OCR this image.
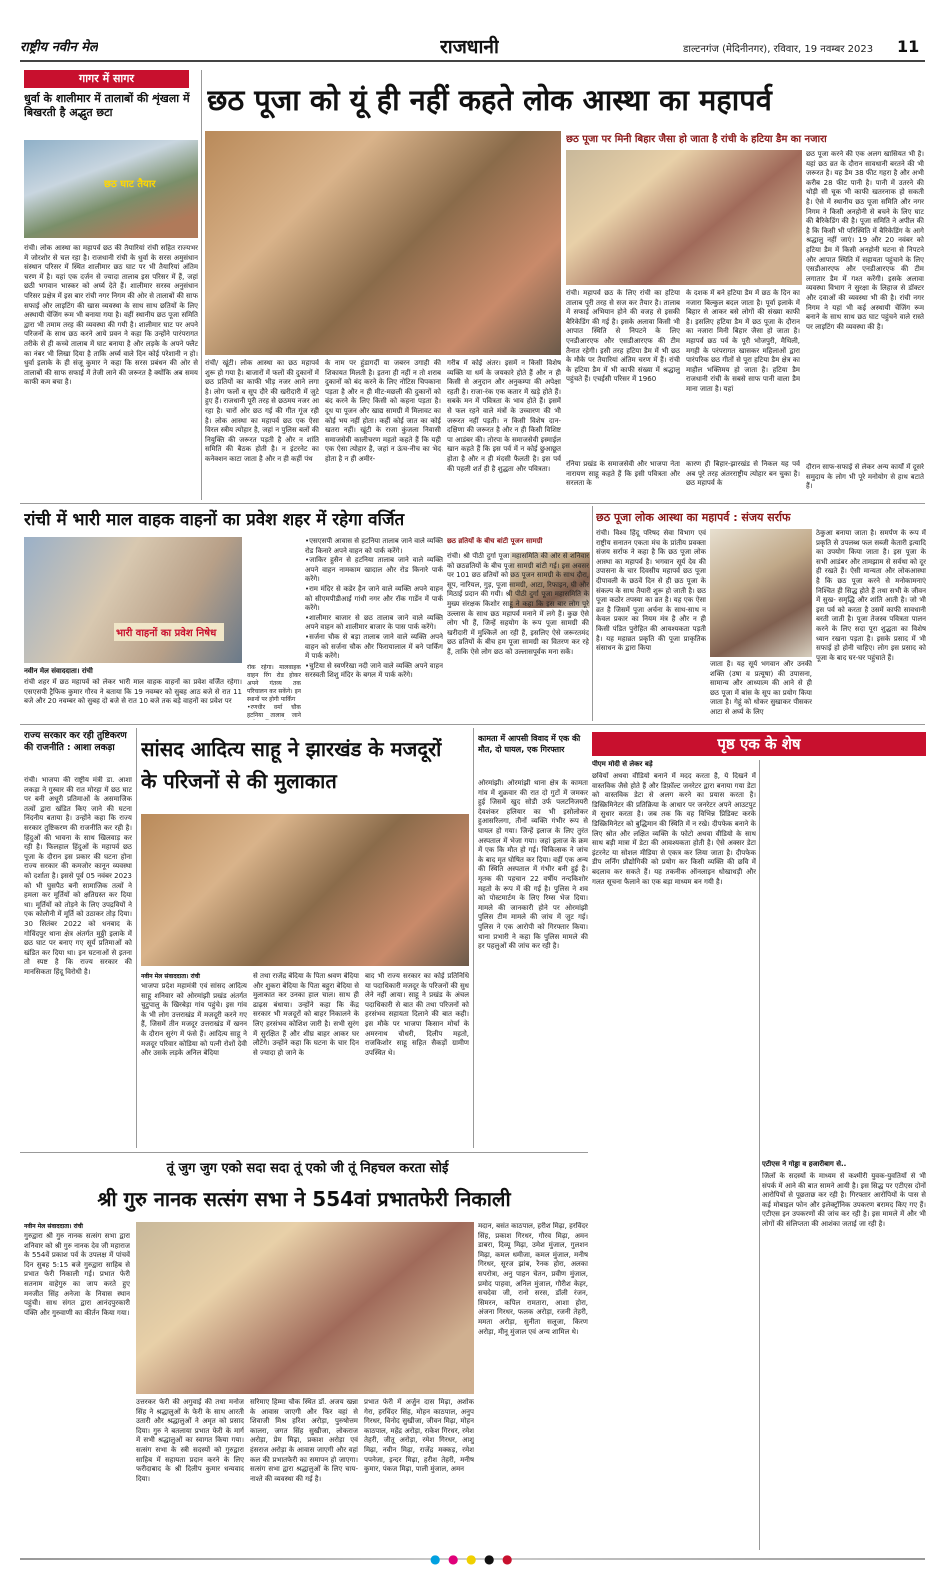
राष्ट्रीय नवीन मेल	राजधानी	डाल्टनगंज (मेदिनीनगर), रविवार, 19 नवम्बर 2023 11
गागर में सागर
धुर्वा के शालीमार में तालाबों की शृंखला में बिखरती है अद्भुत छटा
छठ घाट तैयार
रांची। लोक आस्था का महापर्व छठ की तैयारियां रांची सहित राज्यभर में जोरशोर से चल रहा है। राजधानी रांची के धुर्वा के सरस अमुसंधान संस्थान परिसर में स्थित शालीमार छठ घाट पर भी तैयारियां अंतिम चरण में है। यहां एक दर्जन से ज्यादा तालाब इस परिसर में हैं, जहां छठी भगवान भास्कर को अर्घ्य देते हैं। शालीमार सरस्व अनुसंधान परिसर प्रक्षेत्र में इस बार रांची नगर निगम की ओर से तालाबों की साफ सफाई और लाइटिंग की खास व्यवस्था के साथ साथ छतियों के लिए अस्थायी चेंजिंग रूम भी बनाया गया है। वहीं स्थानीय छठ पूजा समिति द्वारा भी तमाम तरह की व्यवस्था की गयी है। शालीमार घाट पर अपने परिजनों के साथ छठ करने आये प्रवन ने कहा कि उन्होंने पारंपरागत तरीके से ही कच्चे तालाब में घाट बनाया है और लड़के के अपने फ्लैट का नंबर भी लिखा दिया है ताकि अर्घ्य वाले दिन कोई परेशानी न हो। धुर्वा इलाके के ही संजू कुमार ने कहा कि सरस प्रबंधन की ओर से तालाबों की साफ सफाई में तेजी लाने की जरूरत है क्योंकि अब समय काफी कम बचा है।
छठ पूजा को यूं ही नहीं कहते लोक आस्था का महापर्व
रांची/ खूंटी। लोक आस्था का छठ महापर्व शुरू हो गया है। बाजारों में फलों की दुकानों में छठ प्रतियों का काफी भीड़ नजर आने लगा है। लोग फलों व सूप दौरे की खरीदारी में जुटे हुए हैं। राजधानी पूरी तरह से छठमय नजर आ रहा है। चारों ओर छठ गई की गीत गूंज रही है। लोक आस्था का महापर्व छठ एक ऐसा विरल स्त्रीय त्योहार है, जहां न पुलिस बलों की नियुक्ति की जरूरत पड़ती है और न शांति समिति की बैठक होती है। न इंटरनेट का कनेक्शन काटा जाता है और न ही कहीं पंथ
के नाम पर हुंडागर्दी या जबरन उगाही की शिकायत मिलती है। इतना ही नहीं न तो शराब दुकानों को बंद करने के लिए नोटिस चिपकाना पड़ता है और न ही मीट-मछली की दुकानों को बंद करने के लिए किसी को कहना पड़ता है। दूध या पूजन और खाद्य सामग्री में मिलावट का कोई भय नहीं होता। कहीं कोई जात का कोई खतरा नहीं। खूंटी के राजा कुंजला निवासी समाजसेवी कालीचरण महतो कहते हैं कि यही एक ऐसा त्योहार है, जहां न ऊंच-नीच का भेद होता है न ही अमीर-
गरीब में कोई अंतर। इसमें न किसी विशेष व्यक्ति या धर्म के जयकारे होते हैं और न ही किसी से अनुदान और अनुकम्पा की अपेक्षा रहती है। राजा-रंक एक कतार में खड़े होते हैं। सबके मन में पवित्रता के भाव होते हैं। इसमें से फल रहने वाले मंत्रों के उच्चारण की भी जरूरत नहीं पड़ती। न किसी विशेष दान-दक्षिणा की जरूरत है और न ही किसी विशिष्ट पा आडंबर की। तोरपा के समाजसेवी इस्माईल खान कहते हैं कि इस पर्व में न कोई छुआछूत होता है और न ही मंदसी फैलती है। इस पर्व की पहली शर्त ही है शुद्धता और पवित्रता।
छठ पूजा पर मिनी बिहार जैसा हो जाता है रांची के हटिया डैम का नजारा
रांची। महापर्व छठ के लिए रांची का हटिया तालाब पूरी तरह से सज कर तैयार है। तालाब में सफाई अभियान होने की वजह से इसकी बैरिकेडिंग की गई है। इसके अलावा किसी भी आपात स्थिति से निपटने के लिए एनडीआरएफ और एसडीआरएफ की टीम तैनात रहेगी। इसी तरह हटिया डैम में भी छठ के मौके पर तैयारियां अंतिम चरण में हैं। रांची के हटिया डैम में भी काफी संख्या में श्रद्धालु पहुंचते हैं। एचईसी परिसर में 1960
के दशक में बने हटिया डैम में छठ के दिन का नजारा बिल्कुल बदल जाता है। पूर्वा इलाके में बिहार से आकर बसे लोगों की संख्या काफी है। इसलिए हटिया डैम में छठ पूजा के दौरान का नजारा मिनी बिहार जैसा हो जाता है। महापर्व छठ पर्व के पूरी भोजपुरी, मैथिली, मगही के परंपरागत खासकर महिलाओं द्वारा पारंपरिक छठ गीतों से पूरा हटिया डैम क्षेत्र का माहौल भक्तिमय हो जाता है। हटिया डैम राजधानी रांची के सबसे साफ पानी वाला डैम माना जाता है। यहां
छठ पूजा करने की एक अलग खासियत भी है। यहां छठ व्रत के दौरान सावधानी बरतने की भी जरूरत है। यह डैम 38 फीट गहरा है और अभी करीब 28 फीट पानी है। पानी में उतरने की थोड़ी सी चूक भी काफी खतरनाक हो सकती है। ऐसे में स्थानीय छठ पूजा समिति और नगर निगम ने किसी अनहोनी से बचने के लिए घाट की बैरिकेडिंग की है। पूजा समिति ने अपील की है कि किसी भी परिस्थिति में बैरिकेडिंग के आगे श्रद्धालु नहीं जाएं। 19 और 20 नवंबर को हटिया डैम में किसी अनहोनी घटना से निपटने और आपात स्थिति में सहायता पहुंचाने के लिए एसडीआरएफ और एनडीआरएफ की टीम लगातार डैम में गश्त करेंगी। इसके अलावा व्यवस्था विभाग ने सुरक्षा के लिहाज से डॉक्टर और दवाओं की व्यवस्था भी की है। रांची नगर निगम ने यहां भी कई अस्थायी चेंजिंग रूम बनाने के साथ साथ छठ घाट पहुंचने वाले रास्ते पर लाइटिंग की व्यवस्था की है।
रनिया प्रखंड के समाजसेवी और भाजपा नेता नारायण साहू कहते हैं कि इसी पवित्रता और सरलता के
कारण ही बिहार-झारखंड से निकल यह पर्व अब पूरे तरह अंतरराष्ट्रीय त्योहार बन चुका है। छठ महापर्व के
दौरान साफ-सफाई से लेकर अन्य कार्यों में दूसरे समुदाय के लोग भी पूरे मनोयोग से हाथ बटाते हैं।
रांची में भारी माल वाहक वाहनों का प्रवेश शहर में रहेगा वर्जित
भारी वाहनों का प्रवेश निषेध
नवीन मेल संवाददाता। रांची
रांची शहर में छठ महापर्व को लेकर भारी माल वाहक वाहनों का प्रवेश वर्जित रहेगा। एसएसपी ट्रैफिक कुमार गौरव ने बताया कि 19 नवम्बर को सुबह आठ बजे से रात 11 बजे और 20 नवम्बर को सुबह दो बजे से रात 10 बजे तक बड़े वाहनों का प्रवेश पर
रोक रहेगा। मालवाहक वाहन रिंग रोड होकर अपने गंतव्य तक परिचालन कर सकेंगे। इन स्थानों पर होगी पार्किंग
•रणधीर वर्मा चौक हटनिया तालाब जाने
•एसएसपी आवास से हटनिया तालाब जाने वाले व्यक्ति रोड किनारे अपने वाहन को पार्क करेंगे।
•जाकिर हुसैन से हटनिया तालाब जाने वाले व्यक्ति अपने वाहन नामकाम खादाल और रोड किनारे पार्क करेंगे।
•राम मंदिर से कडेर हैन जाने वाले व्यक्ति अपने वाहन को सीएमपीडीआई गांधी नगर और रॉक गार्डेन में पार्क करेंगे।
•शालीमार बाजार से छठ तालाब जाने वाले व्यक्ति अपने वाहन को शालीमार बाजार के पास पार्क करेंगे।
•सर्जना चौक से बड़ा तालाब जाने वाले व्यक्ति अपने वाहन को सर्जना चौक और फिरायालाल में बने पार्किंग में पार्क करेंगे।
•चुटिया से स्वर्णरेखा नदी जाने वाले व्यक्ति अपने वाहन सरस्वती शिशु मंदिर के बगल में पार्क करेंगे।
छठ व्रतियों के बीच बांटी पूजन सामग्री
रांची। श्री पीठी दुर्गा पूजा महासमिति की ओर से शनिवार को छठव्रतियों के बीच पूजा सामग्री बांटी गई। इस अवसर पर 101 छठ व्रतियों को छठ पूजन सामग्री के साथ दौरा, सूप, नारियल, गुड़, पूजा सामग्री, आटा, रिफाइन, घी और मिठाई प्रदान की गयी। श्री पीठी दुर्गा पूजा महासमिति के मुख्य संरक्षक किशोर साहू ने कहा कि इस बार लोग पूरे उल्लास के साथ छठ महापर्व मनाने में लगे हैं। कुछ ऐसे लोग भी हैं, जिन्हें सहयोग के रूप पूजा सामग्री की खरीदारी में मुश्किलें आ रही हैं, इसलिए ऐसे जरूरतमंद छठ व्रतियों के बीच हम पूजा सामग्री का वितरण कर रहे हैं, ताकि ऐसे लोग छठ को उल्लासपूर्वक मना सकें।
छठ पूजा लोक आस्था का महापर्व : संजय सर्राफ
रांची। विश्व हिंदू परिषद सेवा विभाग एवं राष्ट्रीय सनातन एकता मंच के प्रांतीय प्रवक्ता संजय सर्राफ ने कहा है कि छठ पूजा लोक आस्था का महापर्व है। भगवान सूर्य देव की उपासना के चार दिवसीय महापर्व छठ पूजा दीपावली के छठवें दिन से ही छठ पूजा के संकल्प के साथ तैयारी शुरू हो जाती है। छठ पूजा कठोर तपस्या का व्रत है। यह एक ऐसा व्रत है जिसमें पूजा अर्चना के साथ-साथ न केवल प्रकार का नियम मंत्र है और न ही किसी पंडित पुरोहित की आवश्यकता पड़ती है। यह महाव्रत प्रकृति की पूजा प्राकृतिक संसाधन के द्वारा किया
जाता है। यह सूर्य भगवान और उनकी शक्ति (उषा व प्रत्यूषा) की उपासना, सामान्य और आध्यात्म की आने से ही छठ पूजा में बांस के सूप का प्रयोग किया जाता है। गेहूं को धोकर सुखाकर पीसकर आटा से अर्घ्य के लिए
ठेकुआ बनाया जाता है। समर्पण के रूप में प्रकृति से उपलब्ध फल सब्जी केतारी इत्यादि का उपयोग किया जाता है। इस पूजा के सभी आडंबर और तामझाम से सर्वथा को दूर ही रखते हैं। ऐसी मान्यता और लोकआस्था है कि छठ पूजा करने से मनोकामनाएं निश्चित ही सिद्ध होते हैं तथा सभी के जीवन में सुख- समृद्धि और शांति आती है। जो भी इस पर्व को करता है उसमें काफी सावधानी बरती जाती है। पूजा तेजस्व पवित्रता पालन करने के लिए सदा पूरा शुद्धता का विशेष ध्यान रखना पड़ता है। इसके प्रसाद में भी सफाई हो होनी चाहिए। लोग इस प्रसाद को पूजा के बाद घर-घर पहुंचाते हैं।
राज्य सरकार कर रही तुष्टिकरण की राजनीति : आशा लकड़ा
रांची। भाजपा की राष्ट्रीय मंत्री डा. आशा लकड़ा ने गुस्वार की रात मोरहा में छठ घाट पर बनी अधूरी प्रतिमाओं के असमाजिक तत्वों द्वारा खंडित किए जाने की घटना निंदनीय बताया है। उन्होंने कहा कि राज्य सरकार तुष्टिकरण की राजनीति कर रही है। हिंदुओं की भावना के साथ खिलवाड़ कर रही है। फिलहाल हिंदुओं के महापर्व छठ पूजा के दौरान इस प्रकार की घटना होना राज्य सरकार की कमजोर कानून व्यवस्था को दर्शाता है। इससे पूर्व 05 नवंबर 2023 को भी घुसपैठ बनी सामाजिक तत्वों ने हमला कर मूर्तियों को क्षतिग्रस्त कर दिया था। मूर्तियों को तोड़ने के लिए उपद्रवियों ने एक कोलौनी में मूर्ति को उठाकर तोड़ दिया। 30 सितंबर 2022 को धनबाद के गोविंदपुर थाना क्षेत्र अंतर्गत मुठ्ठी इलाके में छठ घाट पर बनाए गए सूर्य प्रतिमाओं को खंडित कर दिया था। इन घटनाओं से इतना तो स्पष्ट है कि राज्य सरकार की मानसिकता हिंदू विरोधी है।
सांसद आदित्य साहू ने झारखंड के मजदूरों के परिजनों से की मुलाकात
नवीन मेल संवाददाता। रांची
भाजपा प्रदेश महामंत्री एवं सांसद आदित्य साहू शनिवार को ओरमांझी प्रखंड अंतर्गत चुटुपालु के खिरबेड़ा गांव पहुंचे। इस गांव के भी लोग उत्तराखंड में मजदूरी करने गए हैं, जिसमें तीन मजदूर उत्तराखंड में खनन के दौरान सुरंग में फंसे हैं। आदित्य साहू ने मजदूर परिवार कोडिया को पत्नी रोशों देवी और उसके लड़के अनिल बेदिया
से तथा राजेंद्र बेदिया के पिता श्रवण बेदिया और शुकरा बेदिया के पिता बहुरा बेदिया से मुलाकात कर उनका हाल चाल। साथ ही ढाढ़स बंधाया। उन्होंने कहा कि केंद्र सरकार भी मजदूरों को बाहर निकालने के लिए हरसंभव कोशिश जारी है। सभी सुरंग में सुरक्षित हैं और शीघ्र बाहर आकर घर लौटेंगे। उन्होंने कहा कि घटना के चार दिन से ज्यादा हो जाने के
बाद भी राज्य सरकार का कोई प्रतिनिधि या पदाधिकारी मजदूर के परिजनों की सुध लेने नहीं आया। साहू ने प्रखंड के अंचल पदाधिकारी से बात की तथा परिजनों को हरसंभव सहायता दिलाने की बात कही। इस मौके पर भाजपा किसान मोर्चा के अमरनाथ चौधरी, दिलीप महतो, राजकिशोर साहू सहित सैकड़ों ग्रामीण उपस्थित थे।
कामता में आपसी विवाद में एक की मौत, दो घायल, एक गिरफ्तार
ओरमांझी। ओरमांझी थाना क्षेत्र के कामता गांव में शुक्रवार की रात दो गुटों में जमकर हुई जिसमें खुद सोडी उर्फ पलटनिजयरी देवशंकर हलियार का भी इसोलोकर हुआसरिलगा, तीनों व्यक्ति गंभीर रूप से घायल हो गया। जिन्हें इलाज के लिए तुरंत अस्पताल में भेजा गया। जहां इलाज के क्रम में एक कि मौत हो गई। चिकित्सक ने जांच के बाद मृत घोषित कर दिया। वहीं एक अन्य की स्थिति अस्पताल में गंभीर बनी हुई है। मृतक की पहचान 22 वर्षीय नन्दकिशोर महतो के रूप में की गई है। पुलिस ने शव को पोस्टमार्टम के लिए रिम्स भेज दिया। मामले की जानकारी होने पर ओरमांझी पुलिस टीम मामले की जांच में जुट गई। पुलिस ने एक आरोपी को गिरफ्तार किया। थाना प्रभारी ने कहा कि पुलिस मामले की हर पहलुओं की जांच कर रही है।
पृष्ठ एक के शेष
पीएम मोदी से लेकर बड़े
छवियों अथवा वीडियो बनाने में मदद करता है, ये दिखने में वास्तविक जैसे होते हैं और डिफ़ॉल्ट जनरेटर द्वारा बनाया गया डेटा को वास्तविक डेटा से अलग करने का प्रयास करता है। डिस्क्रिमिनेटर की प्रतिक्रिया के आधार पर जनरेटर अपने आउटपुट में सुधार करता है। जब तक कि वह विभिन्न प्रिडिक्ट करके डिस्क्रिमिनेटर को बुद्धिमान की स्थिति में न रखे। दीपफेक बनाने के लिए स्रोत और लक्षित व्यक्ति के फोटो अथवा वीडियो के साथ साथ बड़ी मात्रा में डेटा की आवश्यकता होती है। ऐसे अक्सर डेटा इंटरनेट या सोशल मीडिया से एकत्र कर लिया जाता है। दीपफेक डीप लर्निंग प्रौद्योगिकी को प्रयोग कर किसी व्यक्ति की छवि में बदलाव कर सकते हैं। यह तकनीक ऑनलाइन धोखाधड़ी और गलत सूचना फैलाने का एक बड़ा माध्यम बन गयी है।
एटीएस ने गोड्डा व हजारीबाग से..
जिलों के सदस्यों के माध्यम से कश्मीरी युवक-युवतियों से भी संपर्क में आने की बात सामने आयी है। इस सिद्ध पर एटीएस दोनों आरोपियों से पूछताछ कर रही है। गिरफ्तार आरोपियों के पास से कई मोबाइल फोन और इलेक्ट्रॉनिक उपकरण बरामद किए गए हैं। एटीएस इन उपकरणों की जांच कर रही है। इस मामले में और भी लोगों की संलिप्तता की आशंका जताई जा रही है।
तूं जुग जुग एको सदा सदा तूं एको जी तूं निहचल करता सोई
श्री गुरु नानक सत्संग सभा ने 554वां प्रभातफेरी निकाली
नवीन मेल संवाददाता। रांची
गुरुद्वारा श्री गुरु नानक सत्संग सभा द्वारा शनिवार को श्री गुरु नानक देव जी महाराज के 554वें प्रकाश पर्व के उपलक्ष में पांचवें दिन सुबह 5:15 बजे गुरुद्वारा साहिब से प्रभात फेरी निकाली गई। प्रभात फेरी सतनाम वाहेगुरु का जाप करते हुए मनजीत सिंह अनेजा के निवास स्थान पहुंची। साध संगत द्वारा आनंदपुरकारी पंक्ति और गुरुवाणी का कीर्तन किया गया।
उत्तरकर फेरी की अगुवाई की तथा मनोज सिंह ने श्रद्धालुओं के फेरी के साथ आरती उतारी और श्रद्धालुओं ने अमृत को प्रसाद दिया। गुरु ने बतलाया प्रभात फेरी के मार्ग में सभी श्रद्धालुओं का स्वागत किया गया। सत्संग सभा के स्त्री सदस्यों को गुरुद्वारा साहिब में सहायता प्रदान करने के लिए फरीदाबाद के श्री दिलीप कुमार धन्यवाद दिया।
सरिमाए हिम्मा चौक स्थित डॉ. अजय खन्ना के आवास जाएगी और फिर वहां से शिवाजी मिश्र हरिश अरोड़ा, पुरुषोत्तम कालरा, जगत सिंह सुखीजा, लोकराज अरोड़ा, प्रेम मिढ़ा, प्रकाश अरोड़ा एवं हंसराज अरोड़ा के आवास जाएगी और वहां कल की प्रभातफेरी का समापन हो जाएगा। सत्संग सभा द्वारा श्रद्धालुओं के लिए चाय-नाश्ते की व्यवस्था की गई है।
प्रभात फेरी में अर्जुन दास मिढ़ा, अशोक गेरा, हरविंदर सिंह, मोहन काठपाल, अनुप गिरधर, विनोद सुखीजा, जीवन मिढ़ा, मोहन काठपाल, महेंद्र अरोड़ा, राकेश गिरधर, रमेश तेहरी, जीतू अरोड़ा, रमेश गिरधर, आशु मिढ़ा, नवीन मिढ़ा, राजेंद्र मक्कड़, रमेश पपनेजा, इन्दर मिढ़ा, हरीश तेहरी, मनीष कुमार, पंकज मिढ़ा, पाली मुंजाल, अमन
मदान, बसंत काठपाल, हरीश मिढ़ा, हरविंदर सिंह, प्रकाश गिरधर, गौरव मिढ़ा, अमन डाबरा, दिव्यू मिढ़ा, उमेश मुंजाल, गुलशन मिढ़ा, कमल धमीजा, कमल मुंजाल, मनीष गिरधर, सूरज झांब, रैनक होरा, अलका सपरोत्रा, अनु पाहन चेतन, प्रवीण मुंजाल, प्रमोद पाहवा, अनिल मुंजाल, गौरीश केहर, सचदेवा जी, रानो सरस, डॉली रंजन, सिमरन, कपिल रामतारा, आशा होरा, अंजना गिरधर, फलक अरोड़ा, रजनी तेहरी, ममता अरोड़ा, सुनीता सलूजा, किरण अरोड़ा, मीनू मुंजाल एवं अन्य शामिल थे।
● ● ● ● ●
